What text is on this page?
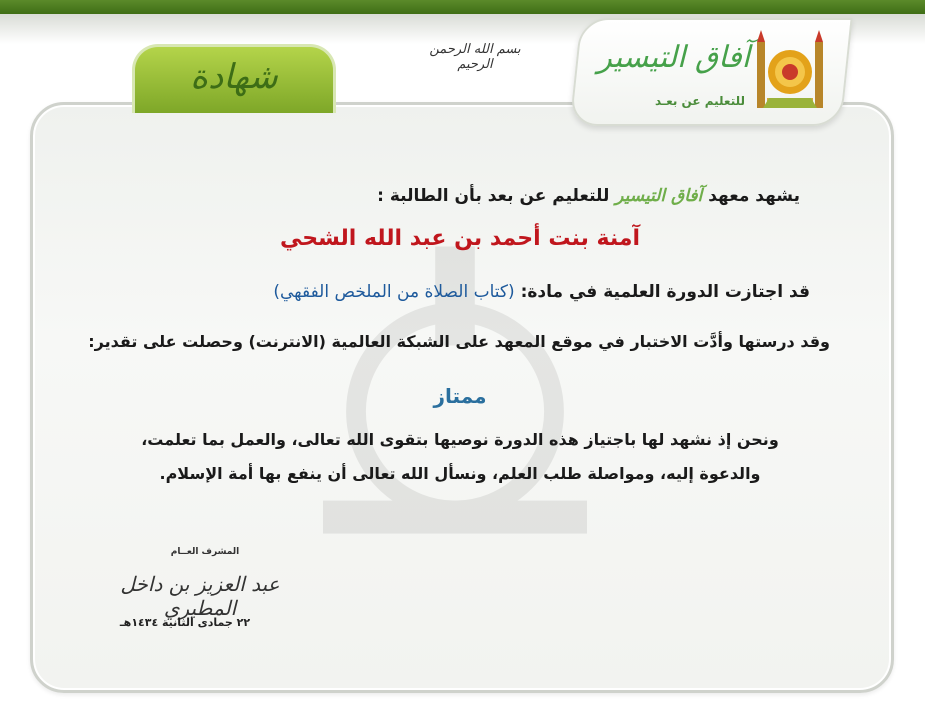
شهادة
بسم الله الرحمن الرحيم	آفاق التيسير
للتعليم عن بعـد
يشهد معهد آفاق التيسير للتعليم عن بعد بأن الطالبة :
آمنة بنت أحمد بن عبد الله الشحي
قد اجتازت الدورة العلمية في مادة: (كتاب الصلاة من الملخص الفقهي)
وقد درستها وأدَّت الاختبار في موقع المعهد على الشبكة العالمية (الانترنت) وحصلت على تقدير:
ممتاز
ونحن إذ نشهد لها باجتياز هذه الدورة نوصيها بتقوى الله تعالى، والعمل بما تعلمت،
والدعوة إليه، ومواصلة طلب العلم، ونسأل الله تعالى أن ينفع بها أمة الإسلام.
المشرف العــام
عبد العزيز بن داخل المطيري
٢٢ جمادى الثانية ١٤٣٤هـ
